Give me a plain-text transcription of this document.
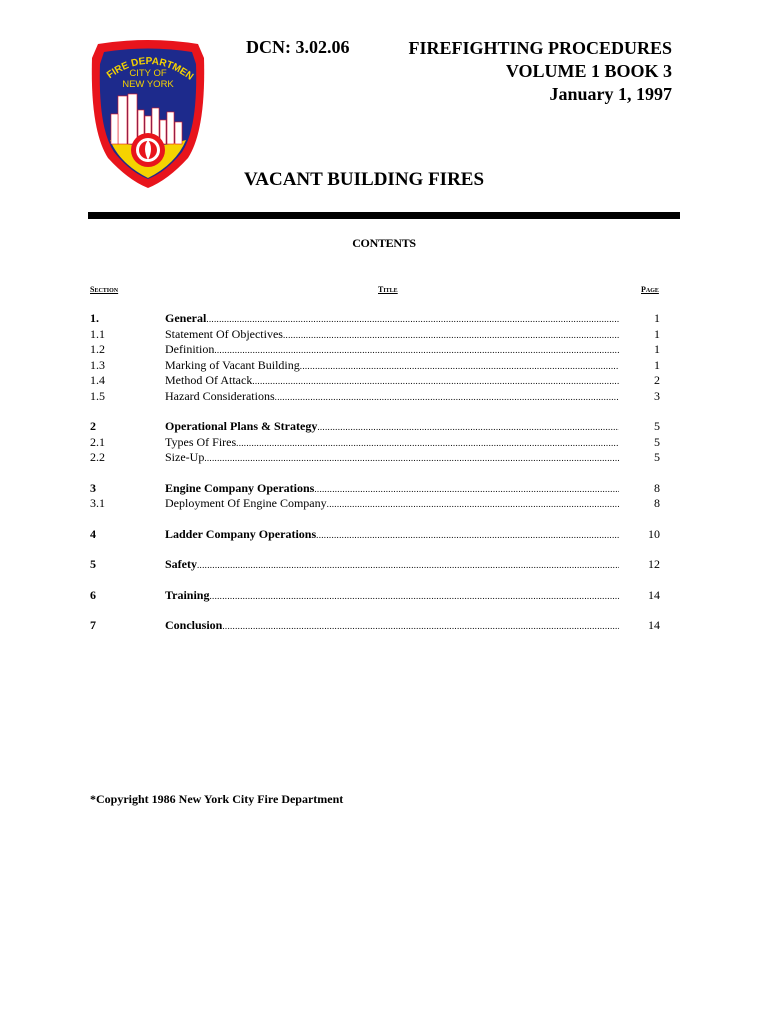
FIRE DEPARTMEN
CITY OF
NEW YORK
DCN: 3.02.06	FIREFIGHTING PROCEDURES
VOLUME 1 BOOK 3
January 1, 1997
VACANT BUILDING FIRES
CONTENTS
Section	Title	Page
1.	General .....	1
1.1	Statement Of Objectives .....	1
1.2	Definition .....	1
1.3	Marking of Vacant Building .....	1
1.4	Method Of Attack .....	2
1.5	Hazard Considerations .....	3
2	Operational Plans & Strategy .....	5
2.1	Types Of Fires .....	5
2.2	Size-Up .....	5
3	Engine Company Operations .....	8
3.1	Deployment Of Engine Company .....	8
4	Ladder Company Operations .....	10
5	Safety .....	12
6	Training .....	14
7	Conclusion .....	14
*Copyright 1986 New York City Fire Department
